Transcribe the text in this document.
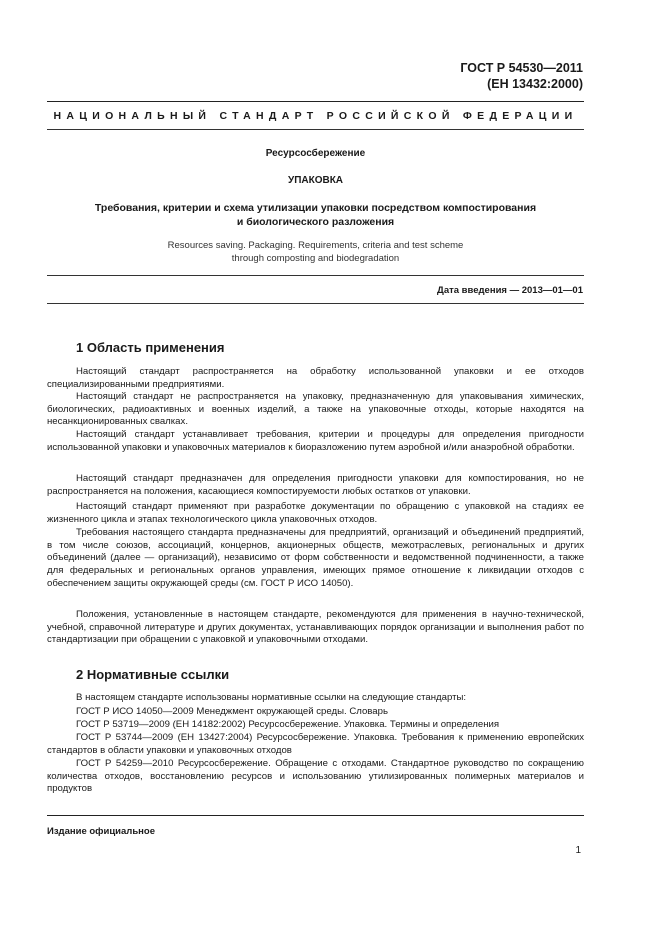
ГОСТ Р 54530—2011
(ЕН 13432:2000)
НАЦИОНАЛЬНЫЙ СТАНДАРТ РОССИЙСКОЙ ФЕДЕРАЦИИ
Ресурсосбережение
УПАКОВКА
Требования, критерии и схема утилизации упаковки посредством компостирования
и биологического разложения
Resources saving. Packaging. Requirements, criteria and test scheme
through composting and biodegradation
Дата введения — 2013—01—01
1 Область применения

Настоящий стандарт распространяется на обработку использованной упаковки и ее отходов специализированными предприятиями.

Настоящий стандарт не распространяется на упаковку, предназначенную для упаковывания химических, биологических, радиоактивных и военных изделий, а также на упаковочные отходы, которые находятся на несанкционированных свалках.

Настоящий стандарт устанавливает требования, критерии и процедуры для определения пригодности использованной упаковки и упаковочных материалов к биоразложению путем аэробной и/или анаэробной обработки.

Настоящий стандарт предназначен для определения пригодности упаковки для компостирования, но не распространяется на положения, касающиеся компостируемости любых остатков от упаковки.

Настоящий стандарт применяют при разработке документации по обращению с упаковкой на стадиях ее жизненного цикла и этапах технологического цикла упаковочных отходов.

Требования настоящего стандарта предназначены для предприятий, организаций и объединений предприятий, в том числе союзов, ассоциаций, концернов, акционерных обществ, межотраслевых, региональных и других объединений (далее — организаций), независимо от форм собственности и ведомственной подчиненности, а также для федеральных и региональных органов управления, имеющих прямое отношение к ликвидации отходов с обеспечением защиты окружающей среды (см. ГОСТ Р ИСО 14050).

Положения, установленные в настоящем стандарте, рекомендуются для применения в научно-технической, учебной, справочной литературе и других документах, устанавливающих порядок организации и выполнения работ по стандартизации при обращении с упаковкой и упаковочными отходами.

2 Нормативные ссылки

В настоящем стандарте использованы нормативные ссылки на следующие стандарты:

ГОСТ Р ИСО 14050—2009 Менеджмент окружающей среды. Словарь

ГОСТ Р 53719—2009 (ЕН 14182:2002) Ресурсосбережение. Упаковка. Термины и определения

ГОСТ Р 53744—2009 (ЕН 13427:2004) Ресурсосбережение. Упаковка. Требования к применению европейских стандартов в области упаковки и упаковочных отходов

ГОСТ Р 54259—2010 Ресурсосбережение. Обращение с отходами. Стандартное руководство по сокращению количества отходов, восстановлению ресурсов и использованию утилизированных полимерных материалов и продуктов

Издание официальное
1
